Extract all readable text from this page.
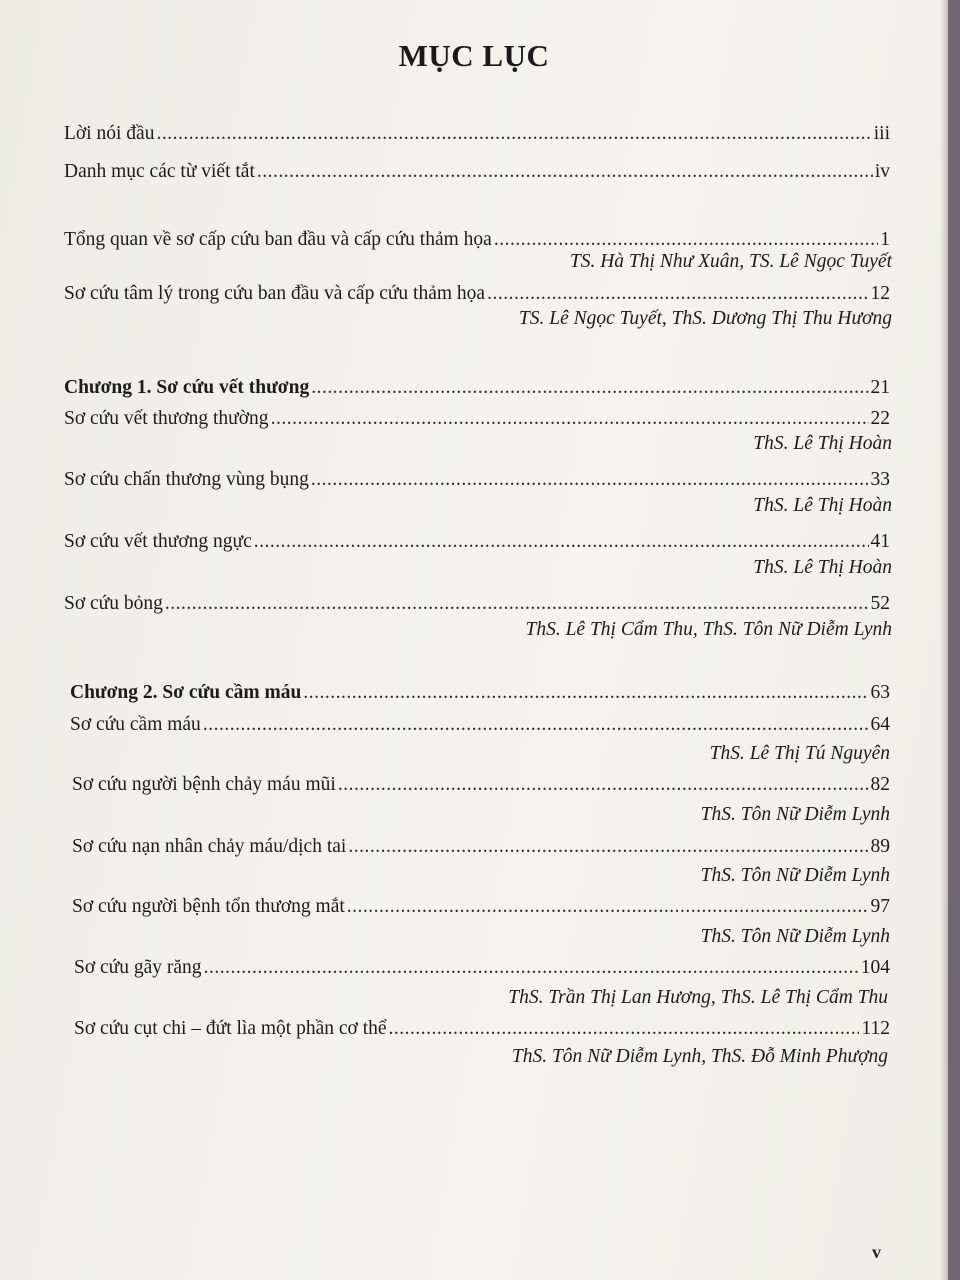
MỤC LỤC
Lời nói đầu .....	iii
Danh mục các từ viết tắt .....	iv
Tổng quan về sơ cấp cứu ban đầu và cấp cứu thảm họa .....	1
TS. Hà Thị Như Xuân, TS. Lê Ngọc Tuyết
Sơ cứu tâm lý trong cứu ban đầu và cấp cứu thảm họa .....	12
TS. Lê Ngọc Tuyết, ThS. Dương Thị Thu Hương
Chương 1. Sơ cứu vết thương .....	21
Sơ cứu vết thương thường .....	22
ThS. Lê Thị Hoàn
Sơ cứu chấn thương vùng bụng .....	33
ThS. Lê Thị Hoàn
Sơ cứu vết thương ngực .....	41
ThS. Lê Thị Hoàn
Sơ cứu bỏng .....	52
ThS. Lê Thị Cẩm Thu, ThS. Tôn Nữ Diễm Lynh
Chương 2. Sơ cứu cầm máu .....	63
Sơ cứu cầm máu .....	64
ThS. Lê Thị Tú Nguyên
Sơ cứu người bệnh chảy máu mũi .....	82
ThS. Tôn Nữ Diễm Lynh
Sơ cứu nạn nhân chảy máu/dịch tai .....	89
ThS. Tôn Nữ Diễm Lynh
Sơ cứu người bệnh tổn thương mắt .....	97
ThS. Tôn Nữ Diễm Lynh
Sơ cứu gãy răng .....	104
ThS. Trần Thị Lan Hương, ThS. Lê Thị Cẩm Thu
Sơ cứu cụt chi – đứt lìa một phần cơ thể .....	112
ThS. Tôn Nữ Diễm Lynh, ThS. Đỗ Minh Phượng
v
